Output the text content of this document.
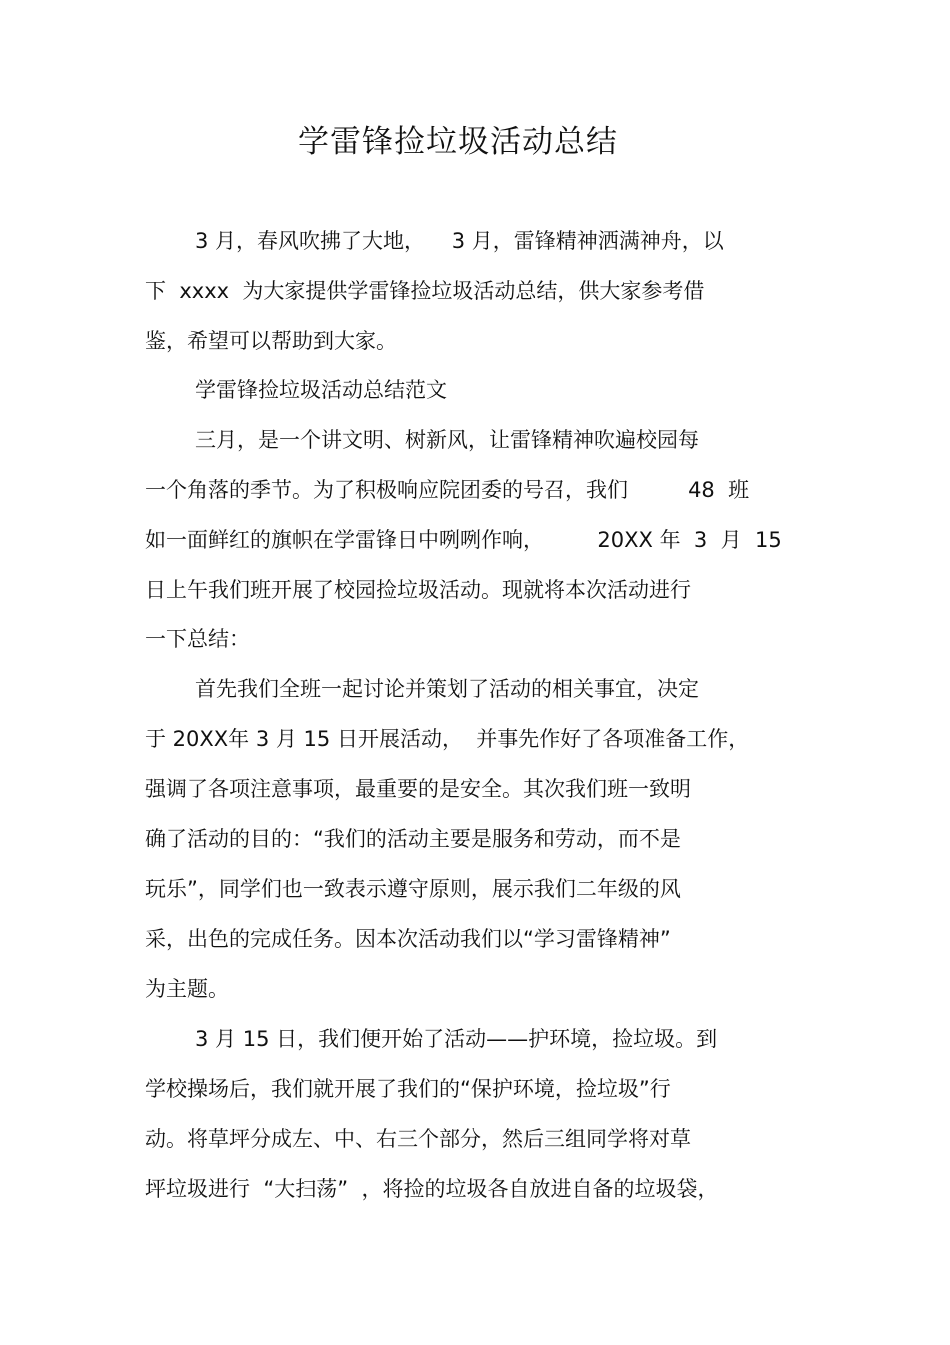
学雷锋捡垃圾活动总结
3 月，春风吹拂了大地，    3 月，雷锋精神洒满神舟，以
下  xxxx  为大家提供学雷锋捡垃圾活动总结，供大家参考借
鉴，希望可以帮助到大家。
学雷锋捡垃圾活动总结范文
三月，是一个讲文明、树新风，让雷锋精神吹遍校园每
一个角落的季节。为了积极响应院团委的号召，我们         48  班
如一面鲜红的旗帜在学雷锋日中咧咧作响，        20XX 年  3  月  15
日上午我们班开展了校园捡垃圾活动。现就将本次活动进行
一下总结：
首先我们全班一起讨论并策划了活动的相关事宜，决定
于 20XX年 3 月 15 日开展活动，  并事先作好了各项准备工作，
强调了各项注意事项，最重要的是安全。其次我们班一致明
确了活动的目的：“我们的活动主要是服务和劳动，而不是
玩乐”，同学们也一致表示遵守原则，展示我们二年级的风
采，出色的完成任务。因本次活动我们以“学习雷锋精神”
为主题。
3 月 15 日，我们便开始了活动——护环境，捡垃圾。到
学校操场后，我们就开展了我们的“保护环境，捡垃圾”行
动。将草坪分成左、中、右三个部分，然后三组同学将对草
坪垃圾进行  “大扫荡”  ，将捡的垃圾各自放进自备的垃圾袋，
